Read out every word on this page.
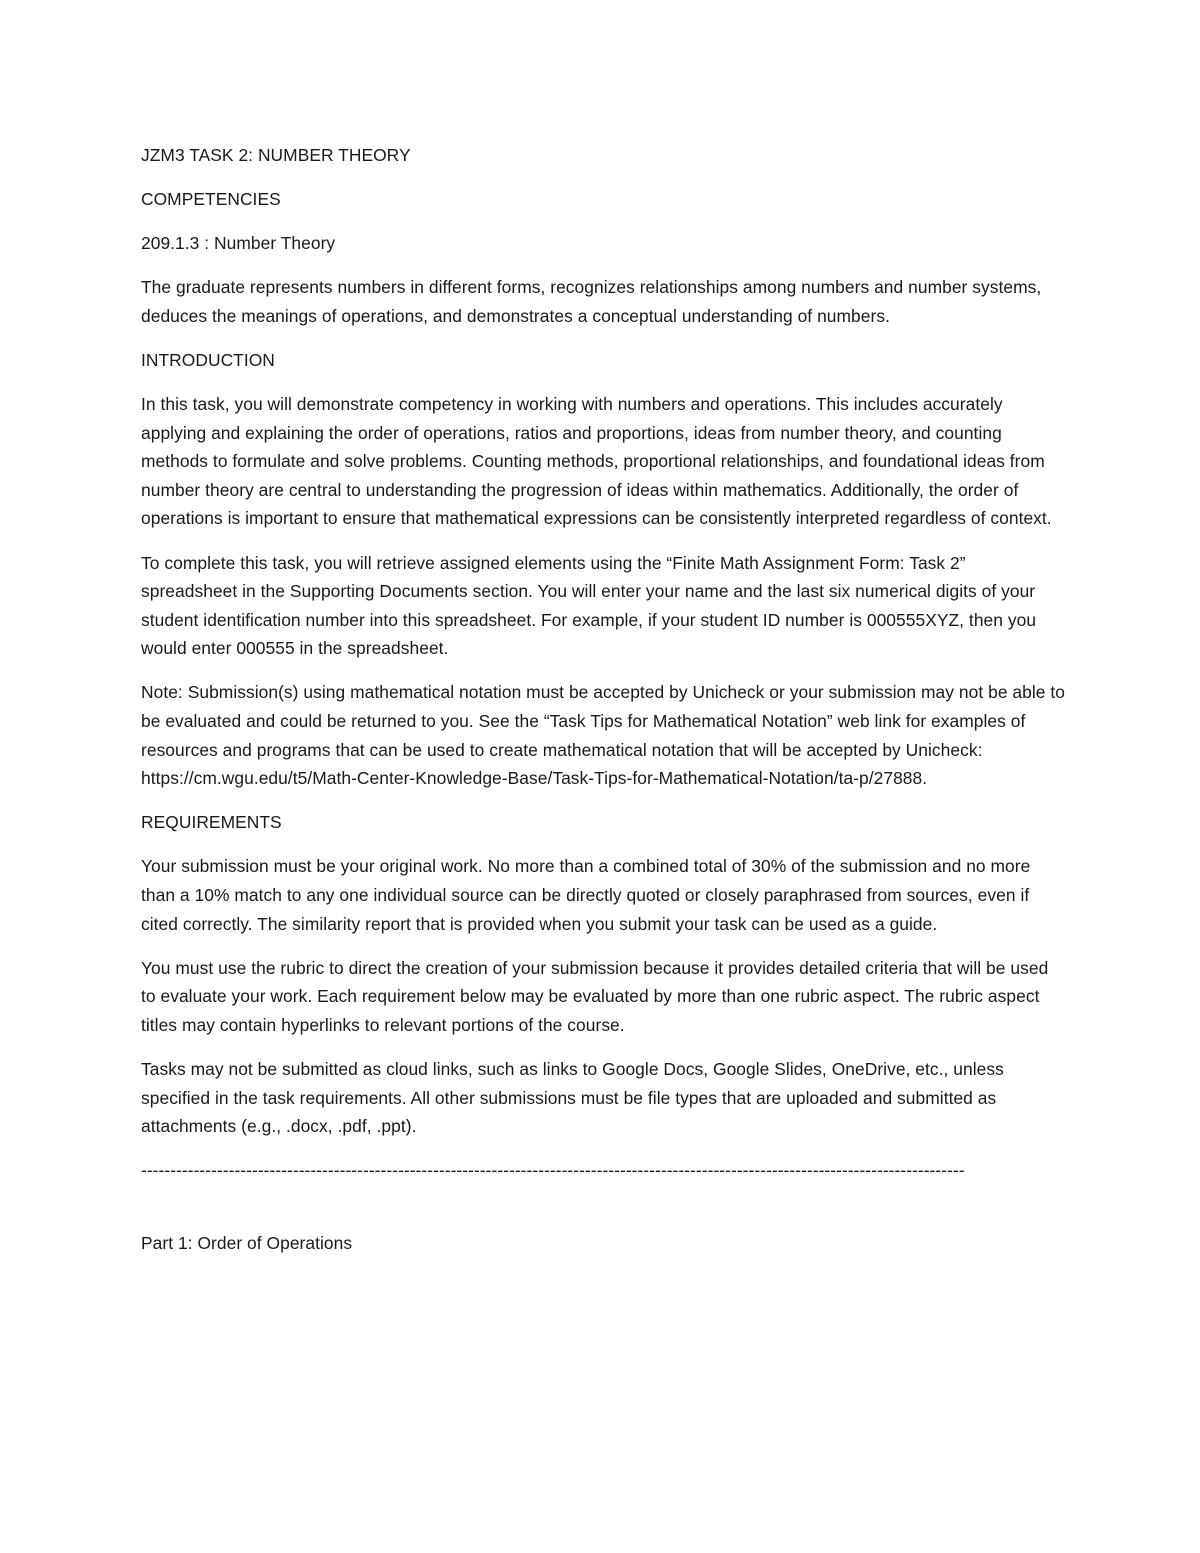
JZM3 TASK 2: NUMBER THEORY

COMPETENCIES

209.1.3 : Number Theory

The graduate represents numbers in different forms, recognizes relationships among numbers and number systems, deduces the meanings of operations, and demonstrates a conceptual understanding of numbers.

INTRODUCTION

In this task, you will demonstrate competency in working with numbers and operations. This includes accurately applying and explaining the order of operations, ratios and proportions, ideas from number theory, and counting methods to formulate and solve problems. Counting methods, proportional relationships, and foundational ideas from number theory are central to understanding the progression of ideas within mathematics. Additionally, the order of operations is important to ensure that mathematical expressions can be consistently interpreted regardless of context.

To complete this task, you will retrieve assigned elements using the “Finite Math Assignment Form: Task 2” spreadsheet in the Supporting Documents section. You will enter your name and the last six numerical digits of your student identification number into this spreadsheet. For example, if your student ID number is 000555XYZ, then you would enter 000555 in the spreadsheet.

Note: Submission(s) using mathematical notation must be accepted by Unicheck or your submission may not be able to be evaluated and could be returned to you. See the “Task Tips for Mathematical Notation” web link for examples of resources and programs that can be used to create mathematical notation that will be accepted by Unicheck: https://cm.wgu.edu/t5/Math-Center-Knowledge-Base/Task-Tips-for-Mathematical-Notation/ta-p/27888.

REQUIREMENTS

Your submission must be your original work. No more than a combined total of 30% of the submission and no more than a 10% match to any one individual source can be directly quoted or closely paraphrased from sources, even if cited correctly. The similarity report that is provided when you submit your task can be used as a guide.

You must use the rubric to direct the creation of your submission because it provides detailed criteria that will be used to evaluate your work. Each requirement below may be evaluated by more than one rubric aspect. The rubric aspect titles may contain hyperlinks to relevant portions of the course.

Tasks may not be submitted as cloud links, such as links to Google Docs, Google Slides, OneDrive, etc., unless specified in the task requirements. All other submissions must be file types that are uploaded and submitted as attachments (e.g., .docx, .pdf, .ppt).

---------------------------------------------------------------------------------------------------------------------------------------------

Part 1: Order of Operations
